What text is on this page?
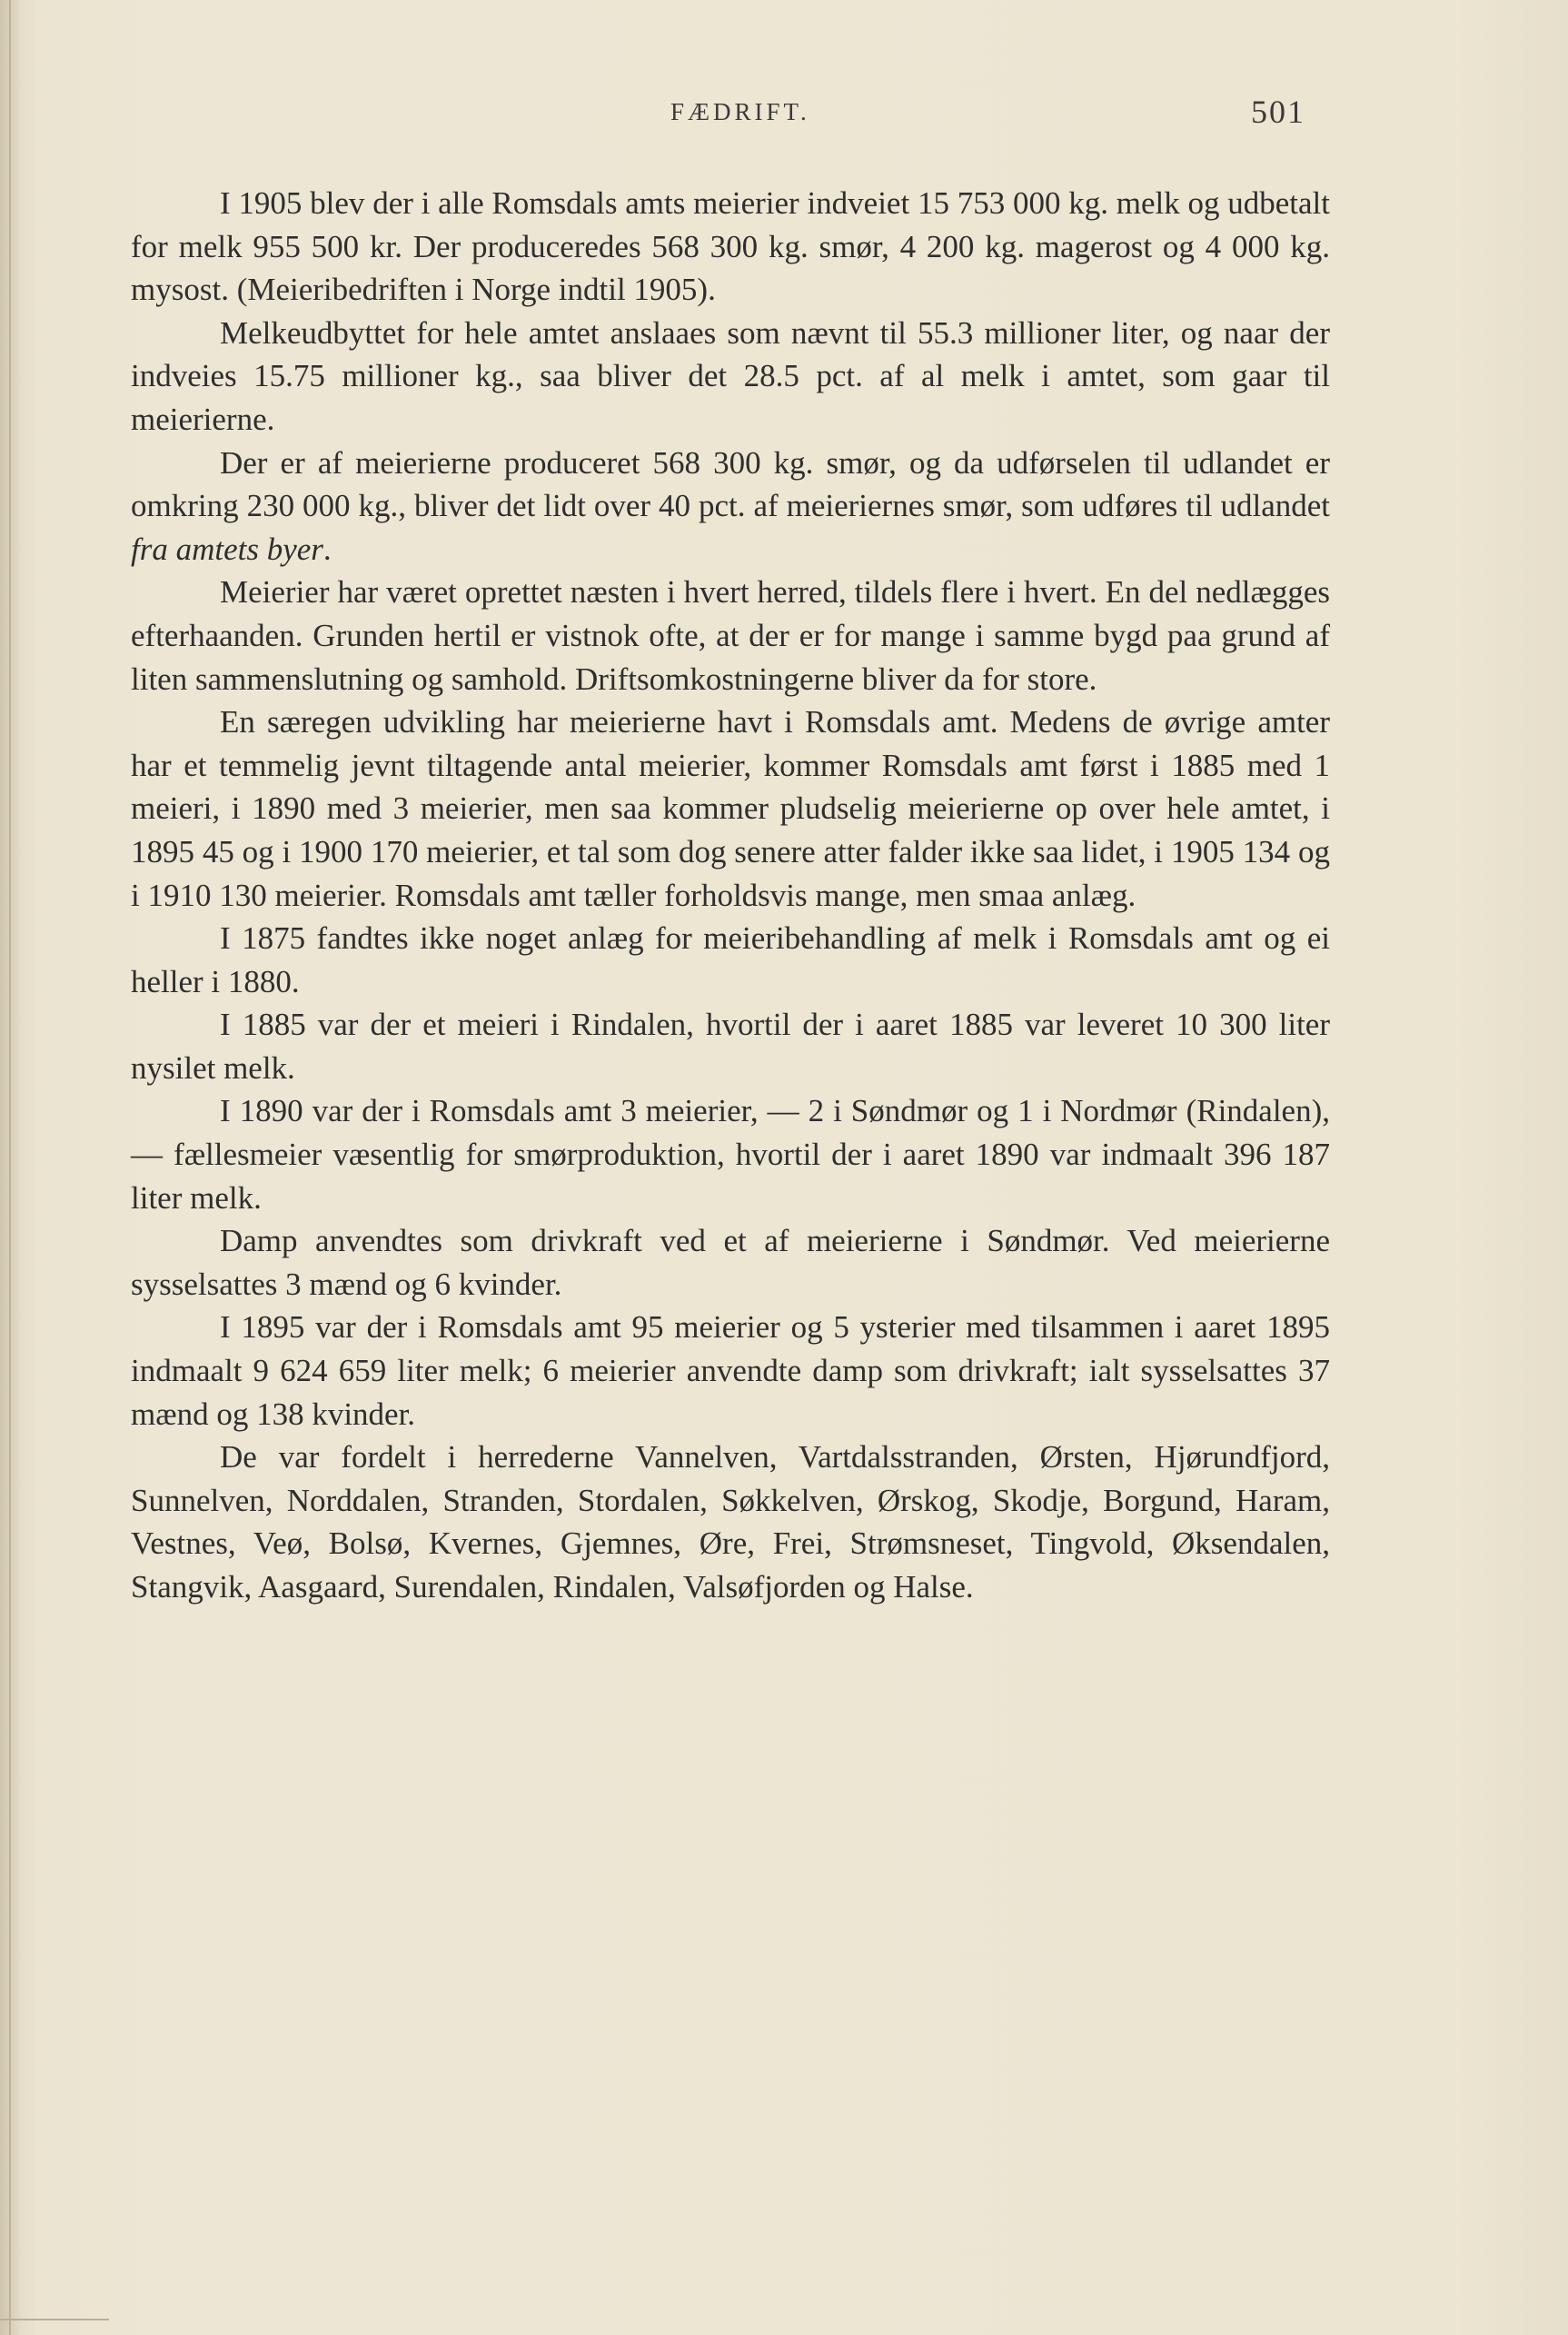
FÆDRIFT.	501

I 1905 blev der i alle Romsdals amts meierier indveiet 15 753 000 kg. melk og udbetalt for melk 955 500 kr. Der produceredes 568 300 kg. smør, 4 200 kg. magerost og 4 000 kg. mysost. (Meieribedriften i Norge indtil 1905).

Melkeudbyttet for hele amtet anslaaes som nævnt til 55.3 millioner liter, og naar der indveies 15.75 millioner kg., saa bliver det 28.5 pct. af al melk i amtet, som gaar til meierierne.

Der er af meierierne produceret 568 300 kg. smør, og da udførselen til udlandet er omkring 230 000 kg., bliver det lidt over 40 pct. af meieriernes smør, som udføres til udlandet fra amtets byer.

Meierier har været oprettet næsten i hvert herred, tildels flere i hvert. En del nedlægges efterhaanden. Grunden hertil er vistnok ofte, at der er for mange i samme bygd paa grund af liten sammenslutning og samhold. Driftsomkostningerne bliver da for store.

En særegen udvikling har meierierne havt i Romsdals amt. Medens de øvrige amter har et temmelig jevnt tiltagende antal meierier, kommer Romsdals amt først i 1885 med 1 meieri, i 1890 med 3 meierier, men saa kommer pludselig meierierne op over hele amtet, i 1895 45 og i 1900 170 meierier, et tal som dog senere atter falder ikke saa lidet, i 1905 134 og i 1910 130 meierier. Romsdals amt tæller forholdsvis mange, men smaa anlæg.

I 1875 fandtes ikke noget anlæg for meieribehandling af melk i Romsdals amt og ei heller i 1880.

I 1885 var der et meieri i Rindalen, hvortil der i aaret 1885 var leveret 10 300 liter nysilet melk.

I 1890 var der i Romsdals amt 3 meierier, — 2 i Søndmør og 1 i Nordmør (Rindalen), — fællesmeier væsentlig for smørproduktion, hvortil der i aaret 1890 var indmaalt 396 187 liter melk.

Damp anvendtes som drivkraft ved et af meierierne i Søndmør. Ved meierierne sysselsattes 3 mænd og 6 kvinder.

I 1895 var der i Romsdals amt 95 meierier og 5 ysterier med tilsammen i aaret 1895 indmaalt 9 624 659 liter melk; 6 meierier anvendte damp som drivkraft; ialt sysselsattes 37 mænd og 138 kvinder.

De var fordelt i herrederne Vannelven, Vartdalsstranden, Ørsten, Hjørundfjord, Sunnelven, Norddalen, Stranden, Stordalen, Søkkelven, Ørskog, Skodje, Borgund, Haram, Vestnes, Veø, Bolsø, Kvernes, Gjemnes, Øre, Frei, Strømsneset, Tingvold, Øksendalen, Stangvik, Aasgaard, Surendalen, Rindalen, Valsøfjorden og Halse.
